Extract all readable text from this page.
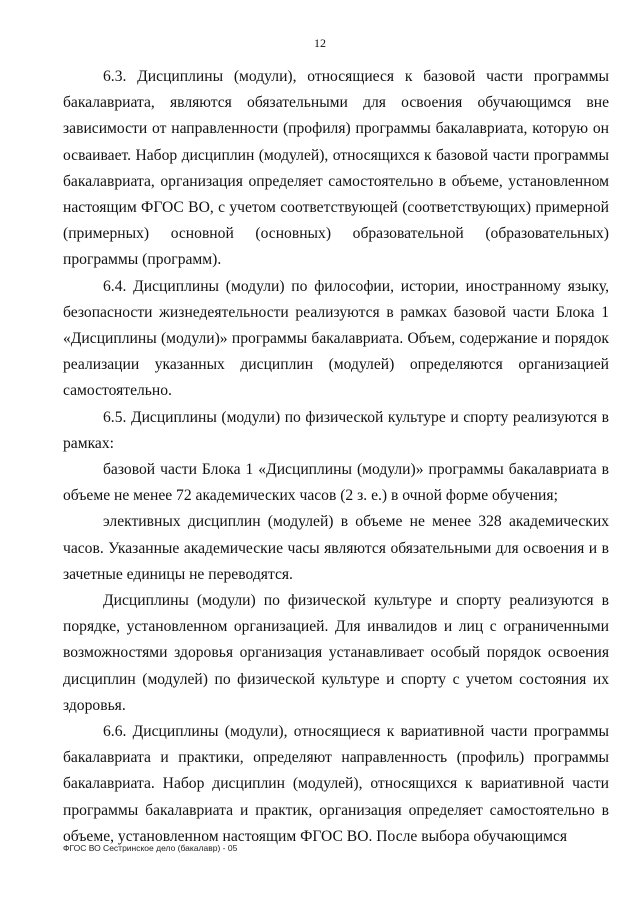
12

6.3. Дисциплины (модули), относящиеся к базовой части программы бакалавриата, являются обязательными для освоения обучающимся вне зависимости от направленности (профиля) программы бакалавриата, которую он осваивает. Набор дисциплин (модулей), относящихся к базовой части программы бакалавриата, организация определяет самостоятельно в объеме, установленном настоящим ФГОС ВО, с учетом соответствующей (соответствующих) примерной (примерных) основной (основных) образовательной (образовательных) программы (программ).

6.4. Дисциплины (модули) по философии, истории, иностранному языку, безопасности жизнедеятельности реализуются в рамках базовой части Блока 1 «Дисциплины (модули)» программы бакалавриата. Объем, содержание и порядок реализации указанных дисциплин (модулей) определяются организацией самостоятельно.

6.5. Дисциплины (модули) по физической культуре и спорту реализуются в рамках:

базовой части Блока 1 «Дисциплины (модули)» программы бакалавриата в объеме не менее 72 академических часов (2 з. е.) в очной форме обучения;

элективных дисциплин (модулей) в объеме не менее 328 академических часов. Указанные академические часы являются обязательными для освоения и в зачетные единицы не переводятся.

Дисциплины (модули) по физической культуре и спорту реализуются в порядке, установленном организацией. Для инвалидов и лиц с ограниченными возможностями здоровья организация устанавливает особый порядок освоения дисциплин (модулей) по физической культуре и спорту с учетом состояния их здоровья.

6.6. Дисциплины (модули), относящиеся к вариативной части программы бакалавриата и практики, определяют направленность (профиль) программы бакалавриата. Набор дисциплин (модулей), относящихся к вариативной части программы бакалавриата и практик, организация определяет самостоятельно в объеме, установленном настоящим ФГОС ВО. После выбора обучающимся

ФГОС ВО Сестринское дело (бакалавр) - 05
